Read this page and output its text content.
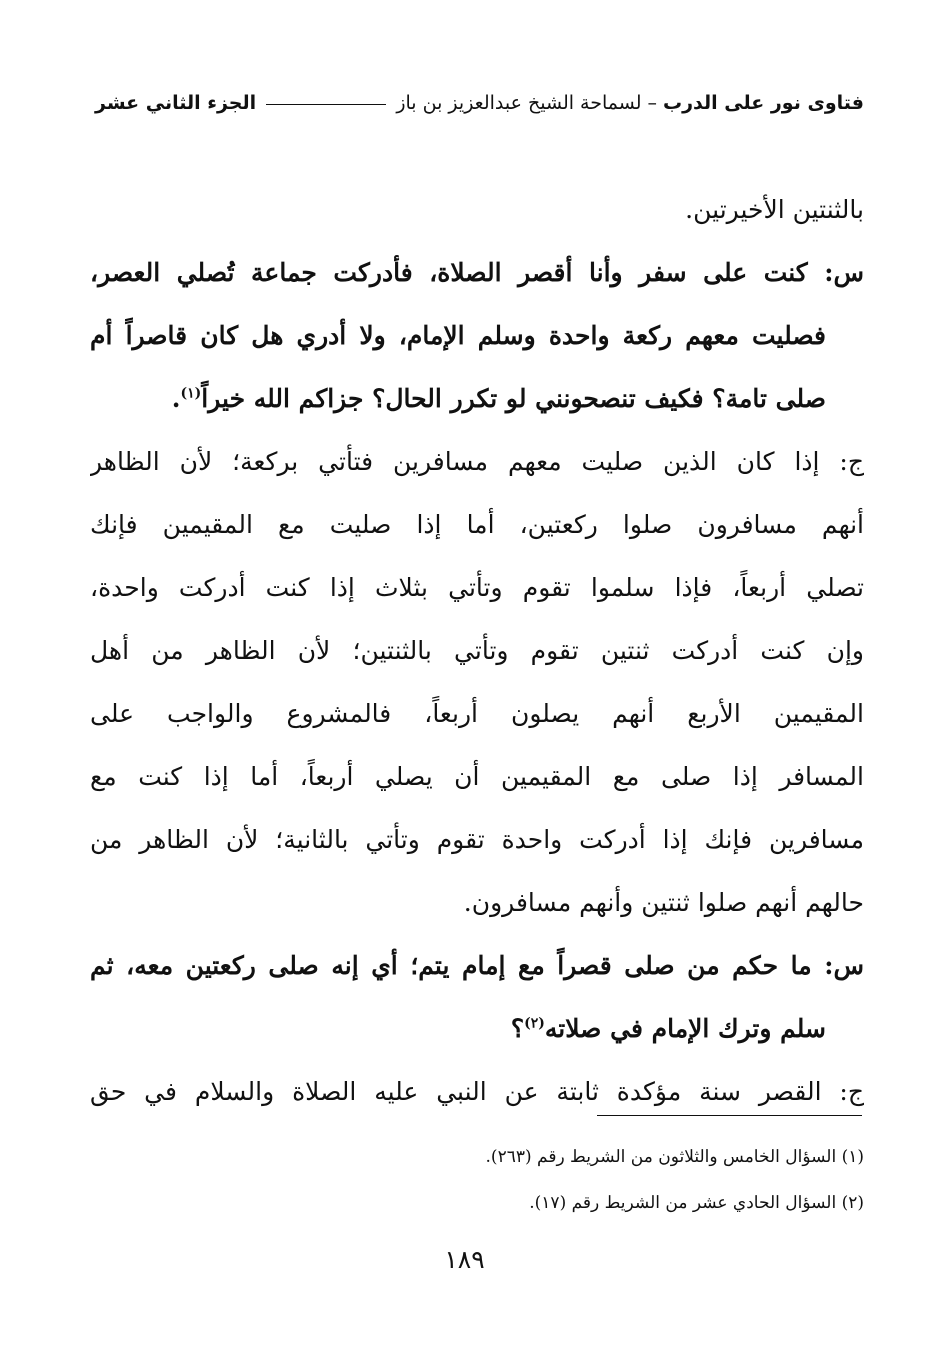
فتاوى نور على الدرب
–
لسماحة الشيخ عبدالعزيز بن باز
الجزء الثاني عشر
بالثنتين الأخيرتين.
س: كنت على سفر وأنا أقصر الصلاة، فأدركت جماعة تُصلي العصر،
فصليت معهم ركعة واحدة وسلم الإمام، ولا أدري هل كان قاصراً أم
صلى تامة؟ فكيف تنصحونني لو تكرر الحال؟ جزاكم الله خيراً$^{(١)}$.
ج: إذا كان الذين صليت معهم مسافرين فتأتي بركعة؛ لأن الظاهر
أنهم مسافرون صلوا ركعتين، أما إذا صليت مع المقيمين فإنك
تصلي أربعاً، فإذا سلموا تقوم وتأتي بثلاث إذا كنت أدركت واحدة،
وإن كنت أدركت ثنتين تقوم وتأتي بالثنتين؛ لأن الظاهر من أهل
المقيمين الأربع أنهم يصلون أربعاً، فالمشروع والواجب على
المسافر إذا صلى مع المقيمين أن يصلي أربعاً، أما إذا كنت مع
مسافرين فإنك إذا أدركت واحدة تقوم وتأتي بالثانية؛ لأن الظاهر من
حالهم أنهم صلوا ثنتين وأنهم مسافرون.
س: ما حكم من صلى قصراً مع إمام يتم؛ أي إنه صلى ركعتين معه، ثم
سلم وترك الإمام في صلاته$^{(٢)}$؟
ج: القصر سنة مؤكدة ثابتة عن النبي عليه الصلاة والسلام في حق
(١) السؤال الخامس والثلاثون من الشريط رقم (٢٦٣).
(٢) السؤال الحادي عشر من الشريط رقم (١٧).
١٨٩
